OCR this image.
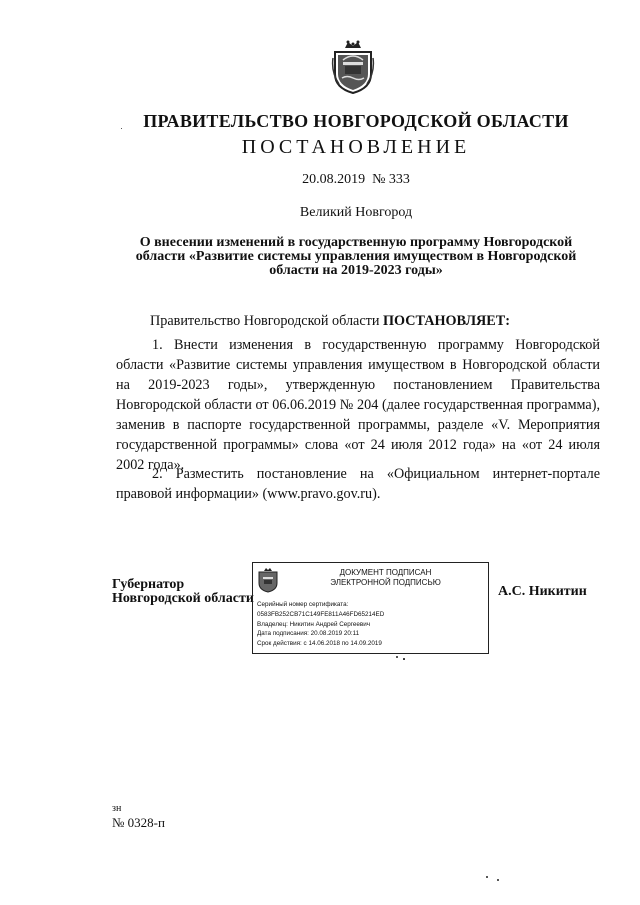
ПРАВИТЕЛЬСТВО НОВГОРОДСКОЙ ОБЛАСТИ
ПОСТАНОВЛЕНИЕ
20.08.2019 № 333
Великий Новгород
О внесении изменений в государственную программу Новгородской
области «Развитие системы управления имуществом в Новгородской
области на 2019-2023 годы»
Правительство Новгородской области ПОСТАНОВЛЯЕТ:
1. Внести изменения в государственную программу Новгородской области «Развитие системы управления имуществом в Новгородской области на 2019-2023 годы», утвержденную постановлением Правительства Новгородской области от 06.06.2019 № 204 (далее государственная программа), заменив в паспорте государственной программы, разделе «V. Мероприятия государственной программы» слова «от 24 июля 2012 года» на «от 24 июля 2002 года».
2. Разместить постановление на «Официальном интернет-портале правовой информации» (www.pravo.gov.ru).
Губернатор
Новгородской области
ДОКУМЕНТ ПОДПИСАН
ЭЛЕКТРОННОЙ ПОДПИСЬЮ
Серийный номер сертификата:
0583FB252CB71C149FE811A46FD65214ED
Владелец: Никитин Андрей Сергеевич
Дата подписания: 20.08.2019 20:11
Срок действия: с 14.06.2018 по 14.09.2019
А.С. Никитин
зн
№ 0328-п
